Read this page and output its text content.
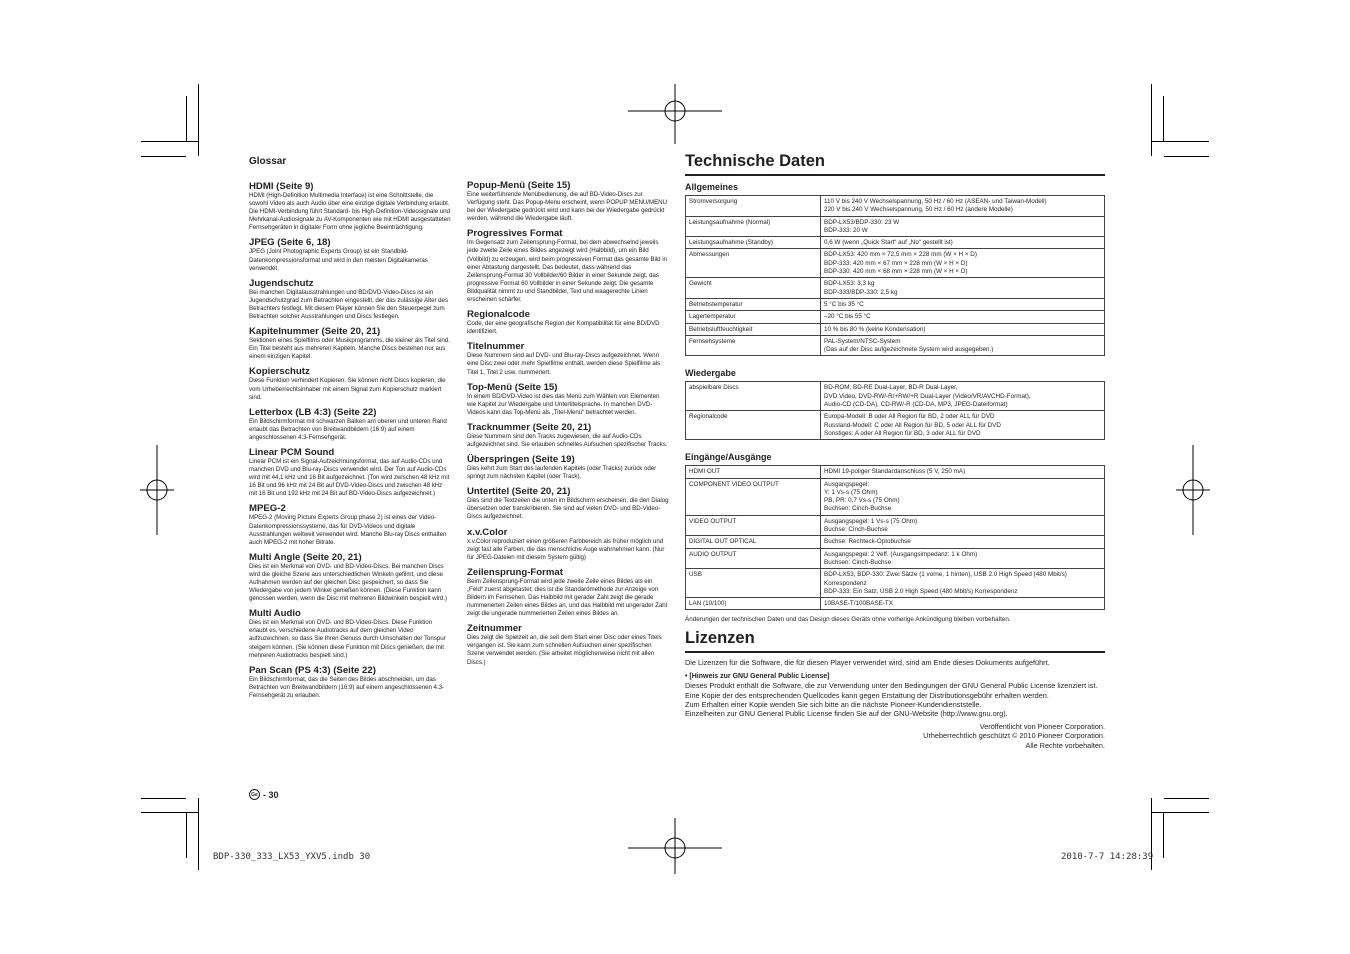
Glossar
HDMI (Seite 9)

HDMI (High-Definition Multimedia Interface) ist eine Schnittstelle, die sowohl Video als auch Audio über eine einzige digitale Verbindung erlaubt. Die HDMI-Verbindung führt Standard- bis High-Definition-Videosignale und Mehrkanal-Audiosignale zu AV-Komponenten wie mit HDMI ausgestatteten Fernsehgeräten in digitaler Form ohne jegliche Beeinträchtigung.

JPEG (Seite 6, 18)

JPEG (Joint Photographic Experts Group) ist ein Standbild-Datenkompressionsformat und wird in den meisten Digitalkameras verwendet.

Jugendschutz

Bei manchen Digitalausstrahlungen und BD/DVD-Video-Discs ist ein Jugendschutzgrad zum Betrachten eingestellt, der das zulässige Alter des Betrachters festlegt. Mit diesem Player können Sie den Steuerpegel zum Betrachten solcher Ausstrahlungen und Discs festlegen.

Kapitelnummer (Seite 20, 21)

Sektionen eines Spielfilms oder Musikprogramms, die kleiner als Titel sind. Ein Titel besteht aus mehreren Kapiteln. Manche Discs bestehen nur aus einem einzigen Kapitel.

Kopierschutz

Diese Funktion verhindert Kopieren. Sie können nicht Discs kopieren, die vom Urheberrechtsinhaber mit einem Signal zum Kopierschutz markiert sind.

Letterbox (LB 4:3) (Seite 22)

Ein Bildschirmformat mit schwarzen Balken am oberen und unteren Rand erlaubt das Betrachten von Breitwandbildern (16:9) auf einem angeschlossenen 4:3-Fernsehgerät.

Linear PCM Sound

Linear PCM ist ein Signal-Aufzeichnungsformat, das auf Audio-CDs und manchen DVD und Blu-ray-Discs verwendet wird. Der Ton auf Audio-CDs wird mit 44,1 kHz und 16 Bit aufgezeichnet. (Ton wird zwischen 48 kHz mit 16 Bit und 96 kHz mit 24 Bit auf DVD-Video-Discs und zwischen 48 kHz mit 16 Bit und 192 kHz mit 24 Bit auf BD-Video-Discs aufgezeichnet.)

MPEG-2

MPEG-2 (Moving Picture Experts Group phase 2) ist eines der Video-Datenkompressionssysteme, das für DVD-Videos und digitale Ausstrahlungen weltweit verwendet wird. Manche Blu-ray Discs enthalten auch MPEG-2 mit hoher Bitrate.

Multi Angle (Seite 20, 21)

Dies ist ein Merkmal von DVD- und BD-Video-Discs. Bei manchen Discs wird die gleiche Szene aus unterschiedlichen Winkeln gefilmt, und diese Aufnahmen werden auf der gleichen Disc gespeichert, so dass Sie Wiedergabe von jedem Winkel genießen können. (Diese Funktion kann genossen werden, wenn die Disc mit mehreren Bildwinkeln bespielt wird.)

Multi Audio

Dies ist ein Merkmal von DVD- und BD-Video-Discs. Diese Funktion erlaubt es, verschiedene Audiotracks auf dem gleichen Video aufzuzeichnen, so dass Sie Ihren Genuss durch Umschalten der Tonspur steigern können. (Sie können diese Funktion mit Discs genießen, die mit mehreren Audiotracks bespielt sind.)

Pan Scan (PS 4:3) (Seite 22)

Ein Bildschirmformat, das die Seiten des Bildes abschneiden, um das Betrachten von Breitwandbildern (16:9) auf einem angeschlossenen 4:3-Fernsehgerät zu erlauben.

Popup-Menü (Seite 15)

Eine weiterführende Menübedienung, die auf BD-Video-Discs zur Verfügung steht. Das Popup-Menu erscheint, wenn POPUP MENU/MENU bei der Wiedergabe gedrückt wird und kann bei der Wiedergabe gedrückt werden, während die Wiedergabe läuft.

Progressives Format

Im Gegensatz zum Zeilensprung-Format, bei dem abwechselnd jeweils jede zweite Zeile eines Bildes angezeigt wird (Halbbild), um ein Bild (Vollbild) zu erzeugen, wird beim progressiven Format das gesamte Bild in einer Abtastung dargestellt. Das bedeutet, dass während das Zeilensprung-Format 30 Vollbilder/60 Bilder in einer Sekunde zeigt, das progressive Format 60 Vollbilder in einer Sekunde zeigt. Die gesamte Bildqualität nimmt zu und Standbilder, Text und waagerechte Linien erscheinen schärfer.

Regionalcode

Code, der eine geografische Region der Kompatibilität für eine BD/DVD identifiziert.

Titelnummer

Diese Nummern sind auf DVD- und Blu-ray-Discs aufgezeichnet. Wenn eine Disc zwei oder mehr Spielfilme enthält, werden diese Spielfilme als Titel 1, Titel 2 usw. nummeriert.

Top-Menü (Seite 15)

In einem BD/DVD-Video ist dies das Menü zum Wählen von Elementen wie Kapitel zur Wiedergabe und Untertitelsprache. In manchen DVD-Videos kann das Top-Menü als „Titel-Menü“ betrachtet werden.

Tracknummer (Seite 20, 21)

Diese Nummern sind den Tracks zugewiesen, die auf Audio-CDs aufgezeichnet sind. Sie erlauben schnelles Aufsuchen spezifischer Tracks.

Überspringen (Seite 19)

Dies kehrt zum Start des laufenden Kapitels (oder Tracks) zurück oder springt zum nächsten Kapitel (oder Track).

Untertitel (Seite 20, 21)

Dies sind die Textzeilen die unten im Bildschirm erscheinen, die den Dialog übersetzen oder transkribieren. Sie sind auf vielen DVD- und BD-Video-Discs aufgezeichnet.

x.v.Color

x.v.Color reproduziert einen größeren Farbbereich als früher möglich und zeigt fast alle Farben, die das menschliche Auge wahrnehmen kann. (Nur für JPEG-Dateien mit diesem System gültig)

Zeilensprung-Format

Beim Zeilensprung-Format wird jede zweite Zeile eines Bildes als ein „Feld“ zuerst abgetastet; dies ist die Standardmethode zur Anzeige von Bildern im Fernsehen. Das Halbbild mit gerader Zahl zeigt die gerade nummerierten Zeilen eines Bildes an, und das Halbbild mit ungerader Zahl zeigt die ungerade nummerierten Zeilen eines Bildes an.

Zeitnummer

Dies zeigt die Spielzeit an, die seit dem Start einer Disc oder eines Titels vergangen ist. Sie kann zum schnellen Aufsuchen einer spezifischen Szene verwendet werden. (Sie arbeitet möglicherweise nicht mit allen Discs.)

Technische Daten
Allgemeines
Stromversorgung	110 V bis 240 V Wechselspannung, 50 Hz / 60 Hz (ASEAN- und Taiwan-Modell)
220 V bis 240 V Wechselspannung, 50 Hz / 60 Hz (andere Modelle)
Leistungsaufnahme (Normal)	BDP-LX53/BDP-330: 23 W
BDP-333: 20 W
Leistungsaufnahme (Standby)	0,6 W (wenn „Quick Start“ auf „No“ gestellt ist)
Abmessungen	BDP-LX53: 420 mm × 72,5 mm × 228 mm (W × H × D)
BDP-333: 420 mm × 67 mm × 228 mm (W × H × D)
BDP-330: 420 mm × 68 mm × 228 mm (W × H × D)
Gewicht	BDP-LX53: 3,3 kg
BDP-333/BDP-330: 2,5 kg
Betriebstemperatur	5 °C bis 35 °C
Lagertemperatur	–20 °C bis 55 °C
Betriebsluftfeuchtigkeit	10 % bis 80 % (keine Kondensation)
Fernsehsysteme	PAL-System/NTSC-System
(Das auf der Disc aufgezeichnete System wird ausgegeben.)
Wiedergabe
abspielbare Discs	BD-ROM, BD-RE Dual-Layer, BD-R Dual-Layer,
DVD Video, DVD-RW/-R/+RW/+R Dual-Layer (Video/VR/AVCHD-Format),
Audio-CD (CD-DA), CD-RW/-R (CD-DA, MP3, JPEG-Dateiformat)
Regionalcode	Europa-Modell: B oder All Region für BD, 2 oder ALL für DVD
Russland-Modell: C oder All Region für BD, 5 oder ALL für DVD
Sonstiges: A oder All Region für BD, 3 oder ALL für DVD
Eingänge/Ausgänge
HDMI OUT	HDMI 19-poliger Standardanschluss (5 V, 250 mA)
COMPONENT VIDEO OUTPUT	Ausgangspegel:
Y: 1 Vs-s (75 Ohm)
PB, PR: 0,7 Vs-s (75 Ohm)
Buchsen: Cinch-Buchse
VIDEO OUTPUT	Ausgangspegel: 1 Vs-s (75 Ohm)
Buchse: Cinch-Buchse
DIGITAL OUT OPTICAL	Buchse: Rechteck-Optobuchse
AUDIO OUTPUT	Ausgangspegel: 2 Veff. (Ausgangsimpedanz: 1 k Ohm)
Buchsen: Cinch-Buchse
USB	BDP-LX53, BDP-330: Zwei Sätze (1 vorne, 1 hinten), USB 2.0 High Speed (480 Mbit/s) Korrespondenz
BDP-333: Ein Satz, USB 2.0 High Speed (480 Mbit/s) Korrespondenz
LAN (10/100)	10BASE-T/100BASE-TX
Änderungen der technischen Daten und das Design dieses Geräts ohne vorherige Ankündigung bleiben vorbehalten.
Lizenzen

Die Lizenzen für die Software, die für diesen Player verwendet wird, sind am Ende dieses Dokuments aufgeführt.

• [Hinweis zur GNU General Public License]

Dieses Produkt enthält die Software, die zur Verwendung unter den Bedingungen der GNU General Public License lizenziert ist. Eine Kopie der des entsprechenden Quellcodes kann gegen Erstattung der Distributionsgebühr erhalten werden.

Zum Erhalten einer Kopie wenden Sie sich bitte an die nächste Pioneer-Kundendienststelle.

Einzelheiten zur GNU General Public License finden Sie auf der GNU-Website (http://www.gnu.org).

Veröffentlicht von Pioneer Corporation.

Urheberrechtlich geschützt © 2010 Pioneer Corporation.

Alle Rechte vorbehalten.

Ge - 30
BDP-330_333_LX53_YXV5.indb 30	2010-7-7 14:28:39
